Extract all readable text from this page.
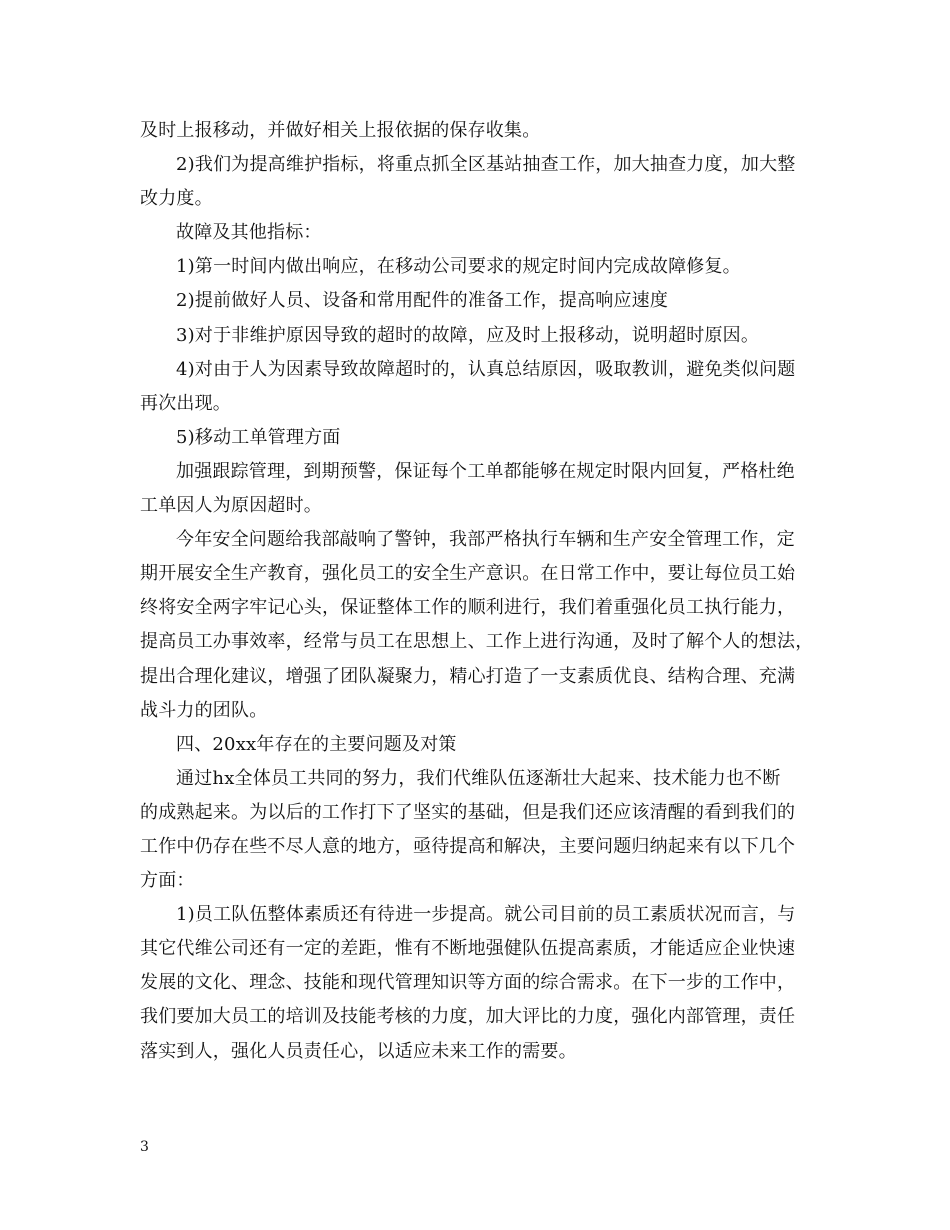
及时上报移动，并做好相关上报依据的保存收集。
2)我们为提高维护指标，将重点抓全区基站抽查工作，加大抽查力度，加大整
改力度。
故障及其他指标：
1)第一时间内做出响应，在移动公司要求的规定时间内完成故障修复。
2)提前做好人员、设备和常用配件的准备工作，提高响应速度
3)对于非维护原因导致的超时的故障，应及时上报移动，说明超时原因。
4)对由于人为因素导致故障超时的，认真总结原因，吸取教训，避免类似问题
再次出现。
5)移动工单管理方面
加强跟踪管理，到期预警，保证每个工单都能够在规定时限内回复，严格杜绝
工单因人为原因超时。
今年安全问题给我部敲响了警钟，我部严格执行车辆和生产安全管理工作，定
期开展安全生产教育，强化员工的安全生产意识。在日常工作中，要让每位员工始
终将安全两字牢记心头，保证整体工作的顺利进行，我们着重强化员工执行能力，
提高员工办事效率，经常与员工在思想上、工作上进行沟通，及时了解个人的想法，
提出合理化建议，增强了团队凝聚力，精心打造了一支素质优良、结构合理、充满
战斗力的团队。
四、20xx年存在的主要问题及对策
通过hx全体员工共同的努力，我们代维队伍逐渐壮大起来、技术能力也不断
的成熟起来。为以后的工作打下了坚实的基础，但是我们还应该清醒的看到我们的
工作中仍存在些不尽人意的地方，亟待提高和解决，主要问题归纳起来有以下几个
方面：
1)员工队伍整体素质还有待进一步提高。就公司目前的员工素质状况而言，与
其它代维公司还有一定的差距，惟有不断地强健队伍提高素质，才能适应企业快速
发展的文化、理念、技能和现代管理知识等方面的综合需求。在下一步的工作中，
我们要加大员工的培训及技能考核的力度，加大评比的力度，强化内部管理，责任
落实到人，强化人员责任心，以适应未来工作的需要。
3
